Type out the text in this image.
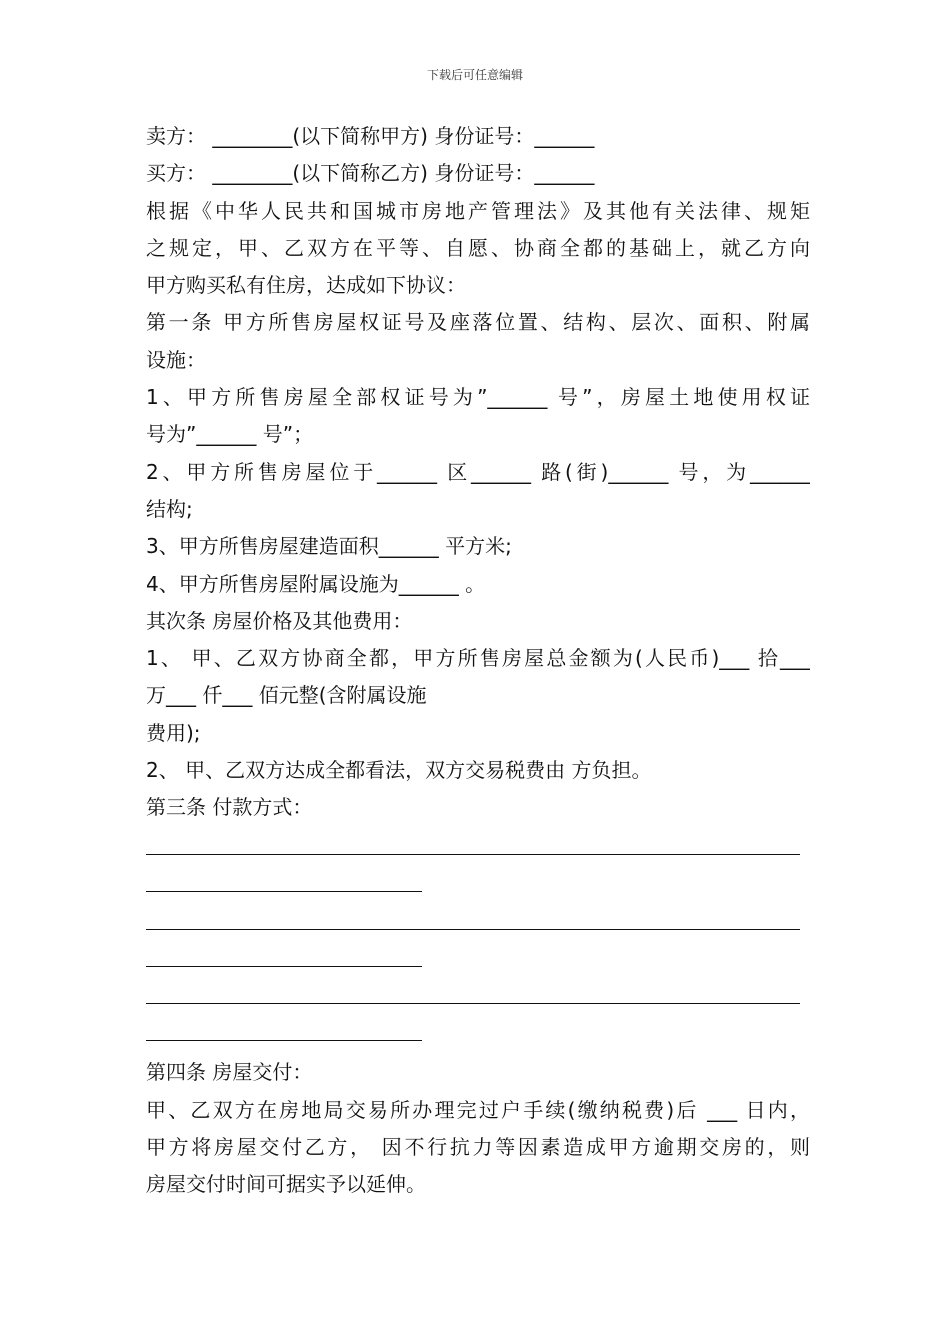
下载后可任意编辑
卖方： ________(以下简称甲方) 身份证号：______
买方： ________(以下简称乙方) 身份证号：______
根据《中华人民共和国城市房地产管理法》及其他有关法律、规矩
之规定，甲、乙双方在平等、自愿、协商全都的基础上，就乙方向
甲方购买私有住房，达成如下协议：
第一条 甲方所售房屋权证号及座落位置、结构、层次、面积、附属
设施：
1、甲方所售房屋全部权证号为”______ 号”，房屋土地使用权证
号为”______ 号”；
2、甲方所售房屋位于______ 区______ 路(街)______ 号，为______
结构;
3、甲方所售房屋建造面积______ 平方米;
4、甲方所售房屋附属设施为______ 。
其次条 房屋价格及其他费用：
1、 甲、乙双方协商全都，甲方所售房屋总金额为(人民币)___ 拾___
万___ 仟___ 佰元整(含附属设施
费用);
2、 甲、乙双方达成全都看法，双方交易税费由 方负担。
第三条 付款方式：
第四条 房屋交付：
甲、乙双方在房地局交易所办理完过户手续(缴纳税费)后 ___ 日内，
甲方将房屋交付乙方， 因不行抗力等因素造成甲方逾期交房的，则
房屋交付时间可据实予以延伸。
